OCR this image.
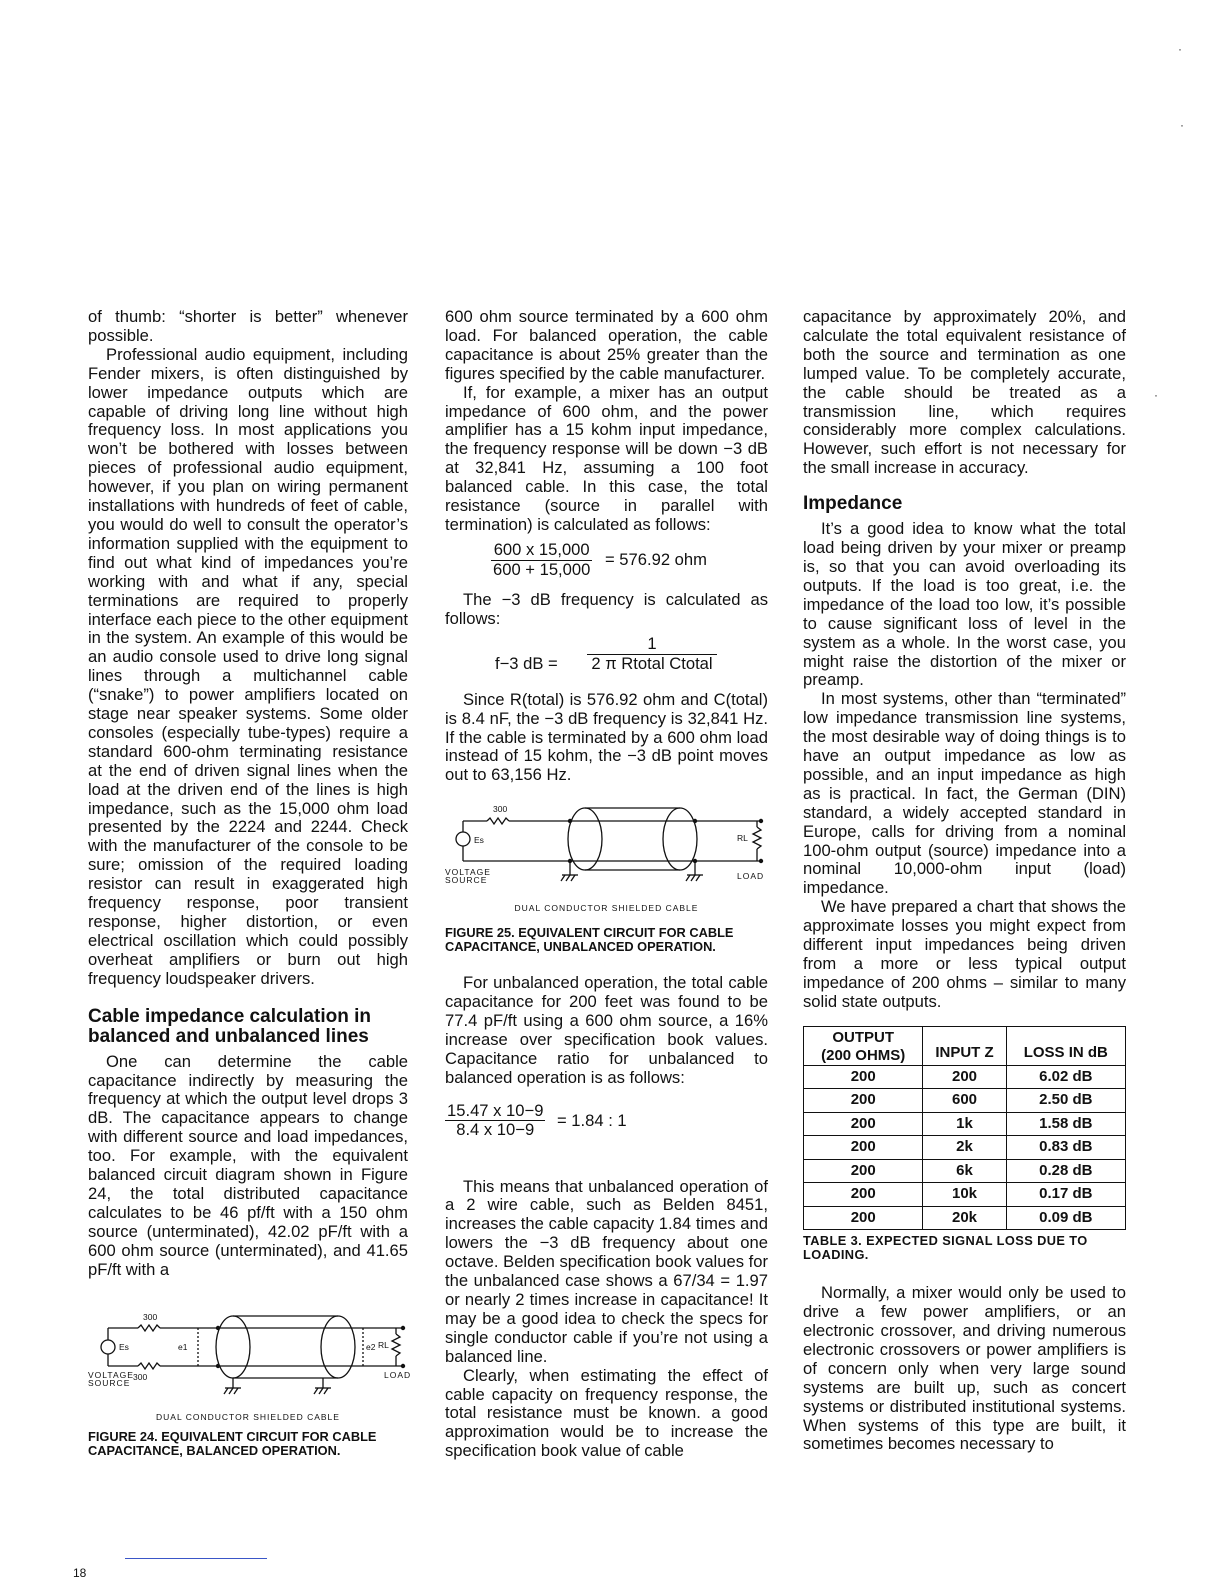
of thumb: “shorter is better” whenever possible.

Professional audio equipment, including Fender mixers, is often distinguished by lower impedance outputs which are capable of driving long line without high frequency loss. In most applications you won’t be bothered with losses between pieces of professional audio equipment, however, if you plan on wiring permanent installations with hundreds of feet of cable, you would do well to consult the operator’s information supplied with the equipment to find out what kind of impedances you’re working with and what if any, special terminations are required to properly interface each piece to the other equipment in the system. An example of this would be an audio console used to drive long signal lines through a multichannel cable (“snake”) to power amplifiers located on stage near speaker systems. Some older consoles (especially tube-types) require a standard 600-ohm terminating resistance at the end of driven signal lines when the load at the driven end of the lines is high impedance, such as the 15,000 ohm load presented by the 2224 and 2244. Check with the manufacturer of the console to be sure; omission of the required loading resistor can result in exaggerated high frequency response, poor transient response, higher distortion, or even electrical oscillation which could possibly overheat amplifiers or burn out high frequency loudspeaker drivers.

Cable impedance calculation in balanced and unbalanced lines

One can determine the cable capacitance indirectly by measuring the frequency at which the output level drops 3 dB. The capacitance appears to change with different source and load impedances, too. For example, with the equivalent balanced circuit diagram shown in Figure 24, the total distributed capacitance calculates to be 46 pf/ft with a 150 ohm source (unterminated), 42.02 pF/ft with a 600 ohm source (unterminated), and 41.65 pF/ft with a

300
300
Es	e1	e2 RL
VOLTAGE
SOURCE
LOAD
DUAL CONDUCTOR SHIELDED CABLE
FIGURE 24. EQUIVALENT CIRCUIT FOR CABLE CAPACITANCE, BALANCED OPERATION.

600 ohm source terminated by a 600 ohm load. For balanced operation, the cable capacitance is about 25% greater than the figures specified by the cable manufacturer.

If, for example, a mixer has an output impedance of 600 ohm, and the power amplifier has a 15 kohm input impedance, the frequency response will be down −3 dB at 32,841 Hz, assuming a 100 foot balanced cable. In this case, the total resistance (source in parallel with termination) is calculated as follows:

$\frac{600 x 15,000}{600 + 15,000} = 576.92$ ohm

The −3 dB frequency is calculated as follows:

f−3 dB =
1
2 π Rtotal Ctotal

Since R(total) is 576.92 ohm and C(total) is 8.4 nF, the −3 dB frequency is 32,841 Hz. If the cable is terminated by a 600 ohm load instead of 15 kohm, the −3 dB point moves out to 63,156 Hz.

300
Es	RL
VOLTAGE
SOURCE	LOAD
DUAL CONDUCTOR SHIELDED CABLE
FIGURE 25. EQUIVALENT CIRCUIT FOR CABLE CAPACITANCE, UNBALANCED OPERATION.

For unbalanced operation, the total cable capacitance for 200 feet was found to be 77.4 pF/ft using a 600 ohm source, a 16% increase over specification book values. Capacitance ratio for unbalanced to balanced operation is as follows:

$\frac{15.47 x 10-9}{8.4 x 10-9} = 1.84$ : 1

This means that unbalanced operation of a 2 wire cable, such as Belden 8451, increases the cable capacity 1.84 times and lowers the −3 dB frequency about one octave. Belden specification book values for the unbalanced case shows a 67/34 = 1.97 or nearly 2 times increase in capacitance! It may be a good idea to check the specs for single conductor cable if you’re not using a balanced line.

Clearly, when estimating the effect of cable capacity on frequency response, the total resistance must be known. a good approximation would be to increase the specification book value of cable

capacitance by approximately 20%, and calculate the total equivalent resistance of both the source and termination as one lumped value. To be completely accurate, the cable should be treated as a transmission line, which requires considerably more complex calculations. However, such effort is not necessary for the small increase in accuracy.

Impedance

It’s a good idea to know what the total load being driven by your mixer or preamp is, so that you can avoid overloading its outputs. If the load is too great, i.e. the impedance of the load too low, it’s possible to cause significant loss of level in the system as a whole. In the worst case, you might raise the distortion of the mixer or preamp.

In most systems, other than “terminated” low impedance transmission line systems, the most desirable way of doing things is to have an output impedance as low as possible, and an input impedance as high as is practical. In fact, the German (DIN) standard, a widely accepted standard in Europe, calls for driving from a nominal 100-ohm output (source) impedance into a nominal 10,000-ohm input (load) impedance.

We have prepared a chart that shows the approximate losses you might expect from different input impedances being driven from a more or less typical output impedance of 200 ohms – similar to many solid state outputs.

OUTPUT
(200 OHMS)	INPUT Z	LOSS IN dB
200	200	6.02 dB
200	600	2.50 dB
200	1k	1.58 dB
200	2k	0.83 dB
200	6k	0.28 dB
200	10k	0.17 dB
200	20k	0.09 dB
TABLE 3. EXPECTED SIGNAL LOSS DUE TO LOADING.

Normally, a mixer would only be used to drive a few power amplifiers, or an electronic crossover, and driving numerous electronic crossovers or power amplifiers is of concern only when very large sound systems are built up, such as concert systems or distributed institutional systems. When systems of this type are built, it sometimes becomes necessary to

18
·
·
·
